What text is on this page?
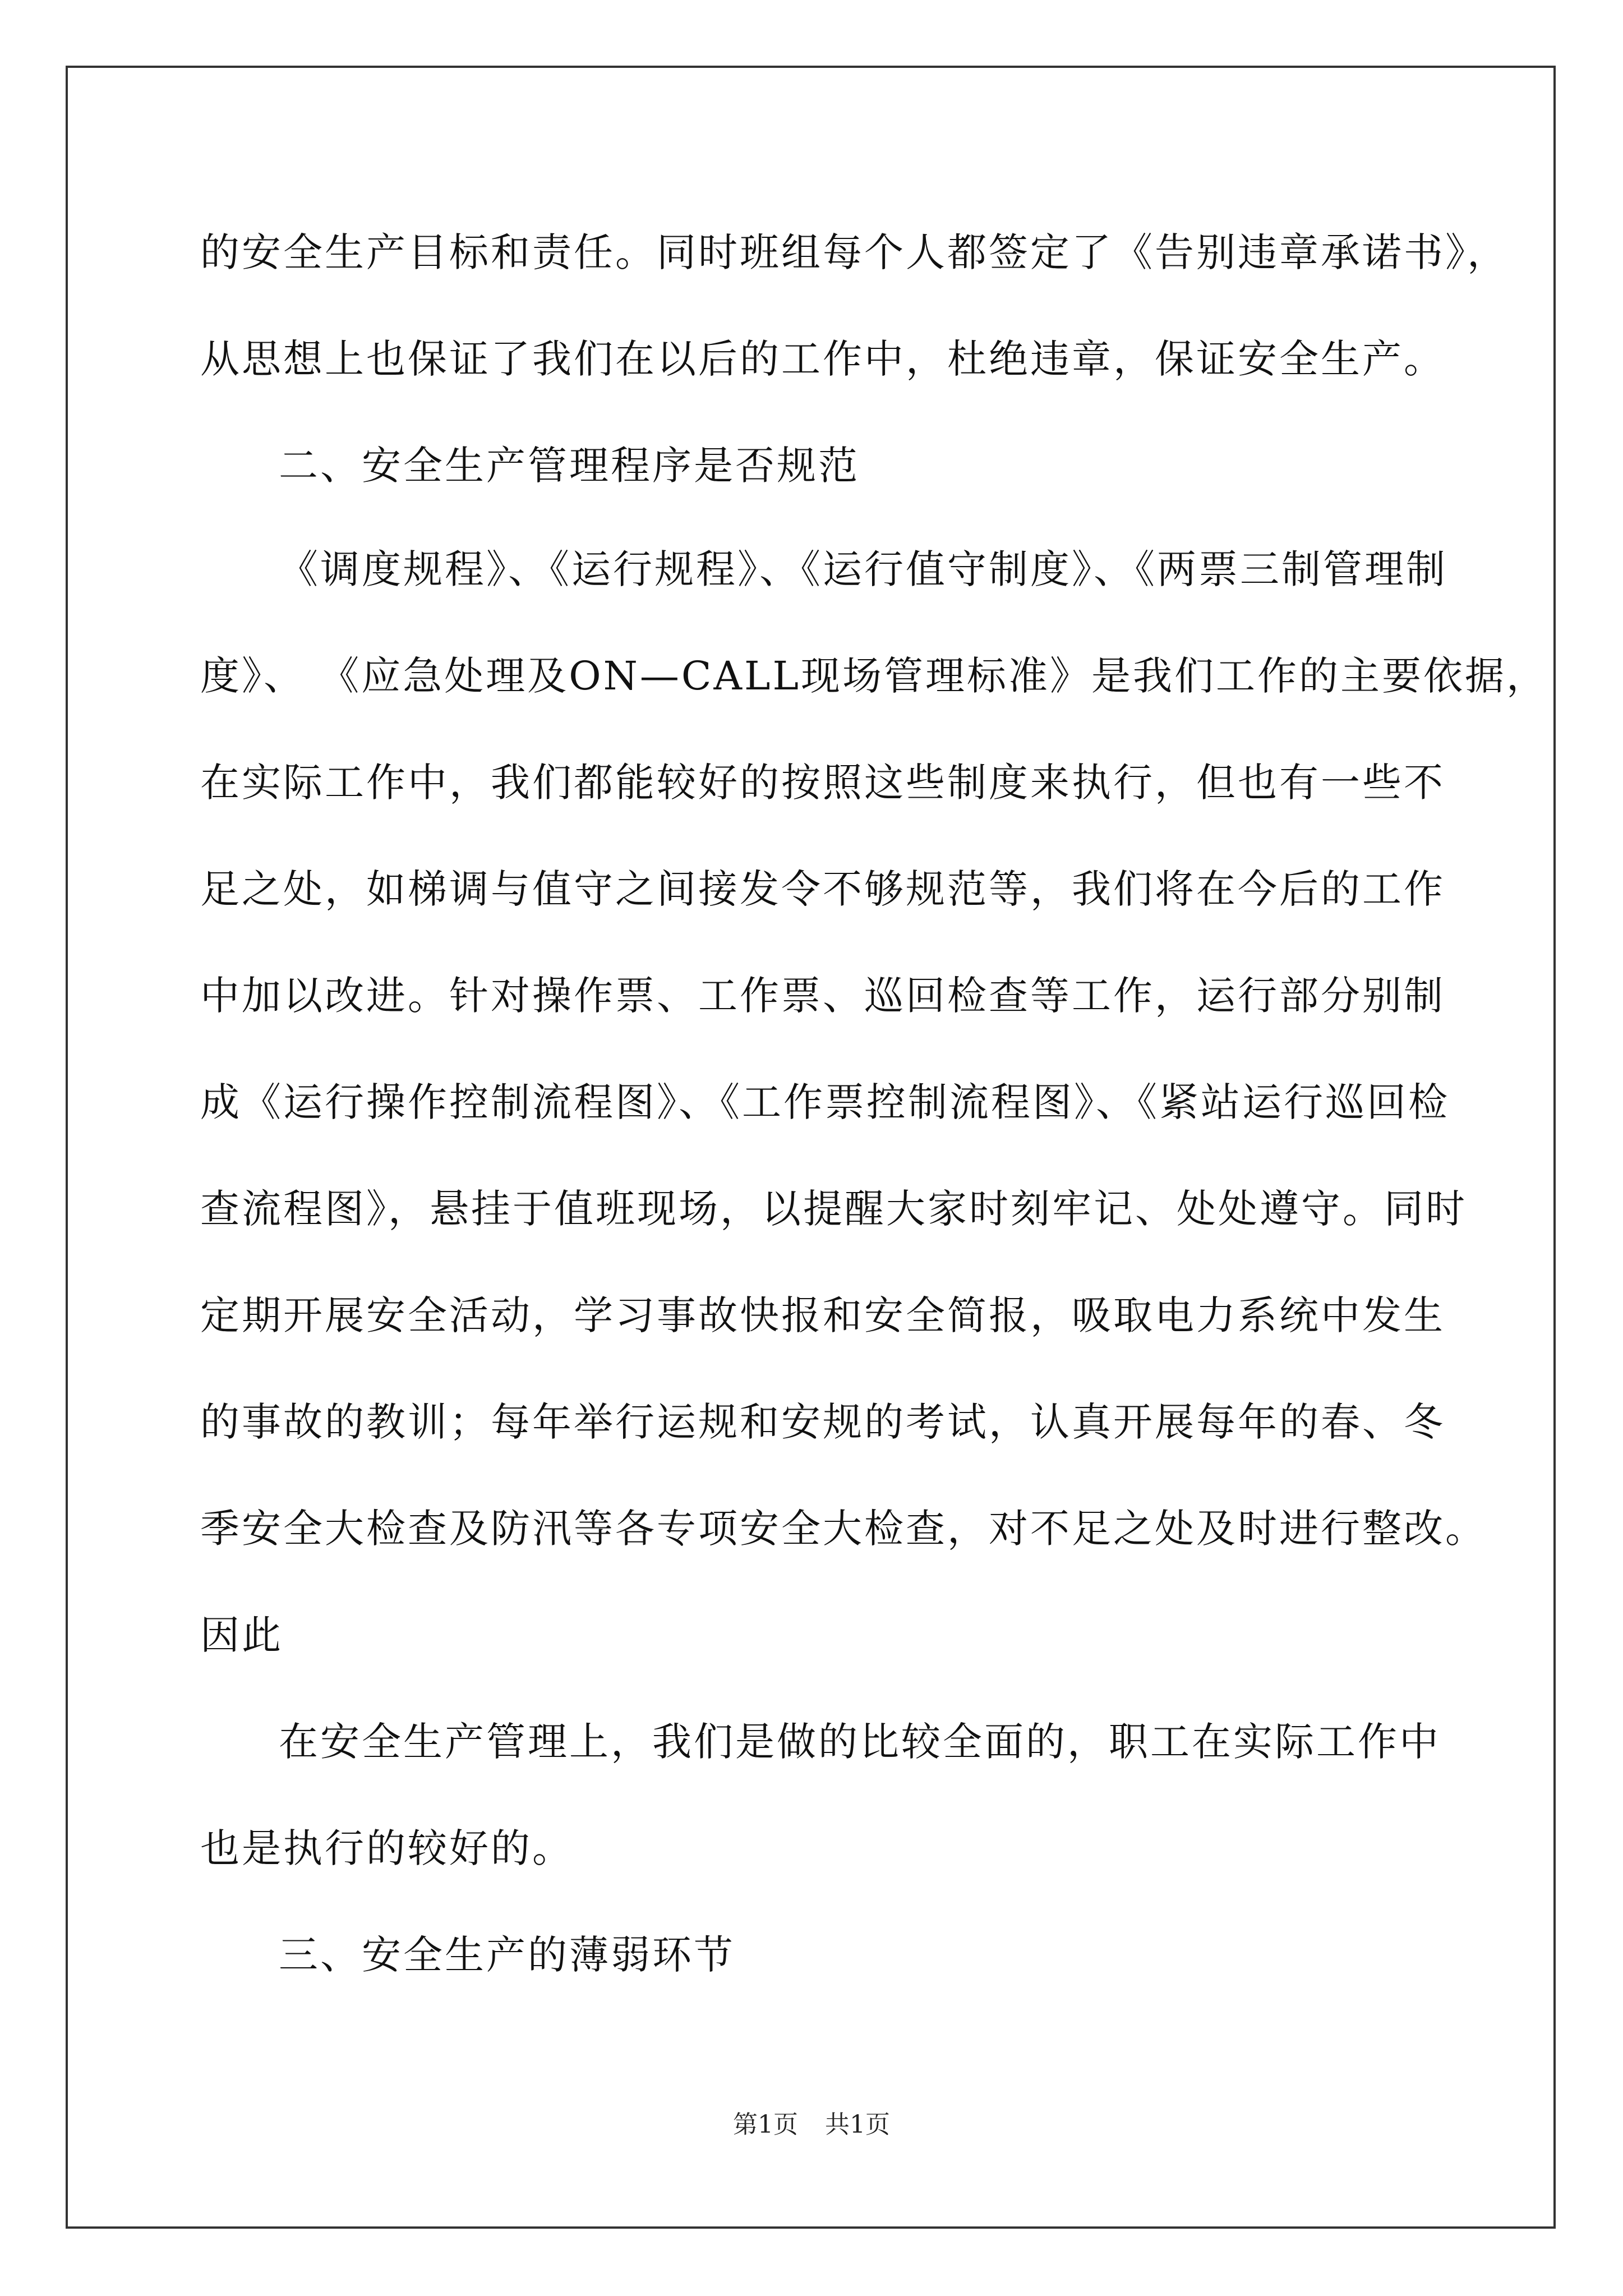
的安全生产目标和责任。同时班组每个人都签定了《告别违章承诺书》，
从思想上也保证了我们在以后的工作中，杜绝违章，保证安全生产。
二、安全生产管理程序是否规范
《调度规程》、《运行规程》、《运行值守制度》、《两票三制管理制
度》、 《应急处理及ON—CALL现场管理标准》是我们工作的主要依据，
在实际工作中，我们都能较好的按照这些制度来执行，但也有一些不
足之处，如梯调与值守之间接发令不够规范等，我们将在今后的工作
中加以改进。针对操作票、工作票、巡回检查等工作，运行部分别制
成《运行操作控制流程图》、《工作票控制流程图》、《紧站运行巡回检
查流程图》，悬挂于值班现场，以提醒大家时刻牢记、处处遵守。同时
定期开展安全活动，学习事故快报和安全简报，吸取电力系统中发生
的事故的教训；每年举行运规和安规的考试，认真开展每年的春、冬
季安全大检查及防汛等各专项安全大检查，对不足之处及时进行整改。
因此
在安全生产管理上，我们是做的比较全面的，职工在实际工作中
也是执行的较好的。
三、安全生产的薄弱环节
第1页 共1页
